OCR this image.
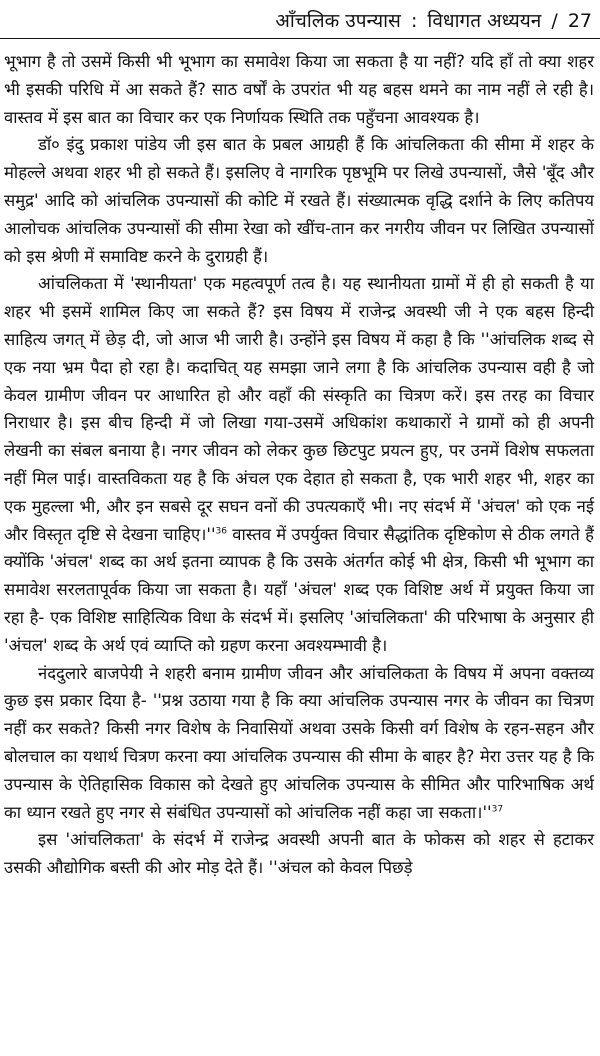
आँचलिक उपन्यास : विधागत अध्ययन / 27

भूभाग है तो उसमें किसी भी भूभाग का समावेश किया जा सकता है या नहीं? यदि हाँ तो क्या शहर भी इसकी परिधि में आ सकते हैं? साठ वर्षों के उपरांत भी यह बहस थमने का नाम नहीं ले रही है। वास्तव में इस बात का विचार कर एक निर्णायक स्थिति तक पहुँचना आवश्यक है।

डॉ० इंदु प्रकाश पांडेय जी इस बात के प्रबल आग्रही हैं कि आंचलिकता की सीमा में शहर के मोहल्ले अथवा शहर भी हो सकते हैं। इसलिए वे नागरिक पृष्ठभूमि पर लिखे उपन्यासों, जैसे 'बूँद और समुद्र' आदि को आंचलिक उपन्यासों की कोटि में रखते हैं। संख्यात्मक वृद्धि दर्शाने के लिए कतिपय आलोचक आंचलिक उपन्यासों की सीमा रेखा को खींच-तान कर नगरीय जीवन पर लिखित उपन्यासों को इस श्रेणी में समाविष्ट करने के दुराग्रही हैं।

आंचलिकता में 'स्थानीयता' एक महत्वपूर्ण तत्व है। यह स्थानीयता ग्रामों में ही हो सकती है या शहर भी इसमें शामिल किए जा सकते हैं? इस विषय में राजेन्द्र अवस्थी जी ने एक बहस हिन्दी साहित्य जगत् में छेड़ दी, जो आज भी जारी है। उन्होंने इस विषय में कहा है कि ''आंचलिक शब्द से एक नया भ्रम पैदा हो रहा है। कदाचित् यह समझा जाने लगा है कि आंचलिक उपन्यास वही है जो केवल ग्रामीण जीवन पर आधारित हो और वहाँ की संस्कृति का चित्रण करें। इस तरह का विचार निराधार है। इस बीच हिन्दी में जो लिखा गया-उसमें अधिकांश कथाकारों ने ग्रामों को ही अपनी लेखनी का संबल बनाया है। नगर जीवन को लेकर कुछ छिटपुट प्रयत्न हुए, पर उनमें विशेष सफलता नहीं मिल पाई। वास्तविकता यह है कि अंचल एक देहात हो सकता है, एक भारी शहर भी, शहर का एक मुहल्ला भी, और इन सबसे दूर सघन वनों की उपत्यकाएँ भी। नए संदर्भ में 'अंचल' को एक नई और विस्तृत दृष्टि से देखना $चाहिए।''^{36}$ वास्तव में उपर्युक्त विचार सैद्धांतिक दृष्टिकोण से ठीक लगते हैं क्योंकि 'अंचल' शब्द का अर्थ इतना व्यापक है कि उसके अंतर्गत कोई भी क्षेत्र, किसी भी भूभाग का समावेश सरलतापूर्वक किया जा सकता है। यहाँ 'अंचल' शब्द एक विशिष्ट अर्थ में प्रयुक्त किया जा रहा है- एक विशिष्ट साहित्यिक विधा के संदर्भ में। इसलिए 'आंचलिकता' की परिभाषा के अनुसार ही 'अंचल' शब्द के अर्थ एवं व्याप्ति को ग्रहण करना अवश्यम्भावी है।

नंददुलारे बाजपेयी ने शहरी बनाम ग्रामीण जीवन और आंचलिकता के विषय में अपना वक्तव्य कुछ इस प्रकार दिया है- ''प्रश्न उठाया गया है कि क्या आंचलिक उपन्यास नगर के जीवन का चित्रण नहीं कर सकते? किसी नगर विशेष के निवासियों अथवा उसके किसी वर्ग विशेष के रहन-सहन और बोलचाल का यथार्थ चित्रण करना क्या आंचलिक उपन्यास की सीमा के बाहर है? मेरा उत्तर यह है कि उपन्यास के ऐतिहासिक विकास को देखते हुए आंचलिक उपन्यास के सीमित और पारिभाषिक अर्थ का ध्यान रखते हुए नगर से संबंधित उपन्यासों को आंचलिक नहीं कहा जा $सकता।''^{37}$

इस 'आंचलिकता' के संदर्भ में राजेन्द्र अवस्थी अपनी बात के फोकस को शहर से हटाकर उसकी औद्योगिक बस्ती की ओर मोड़ देते हैं। ''अंचल को केवल पिछड़े
